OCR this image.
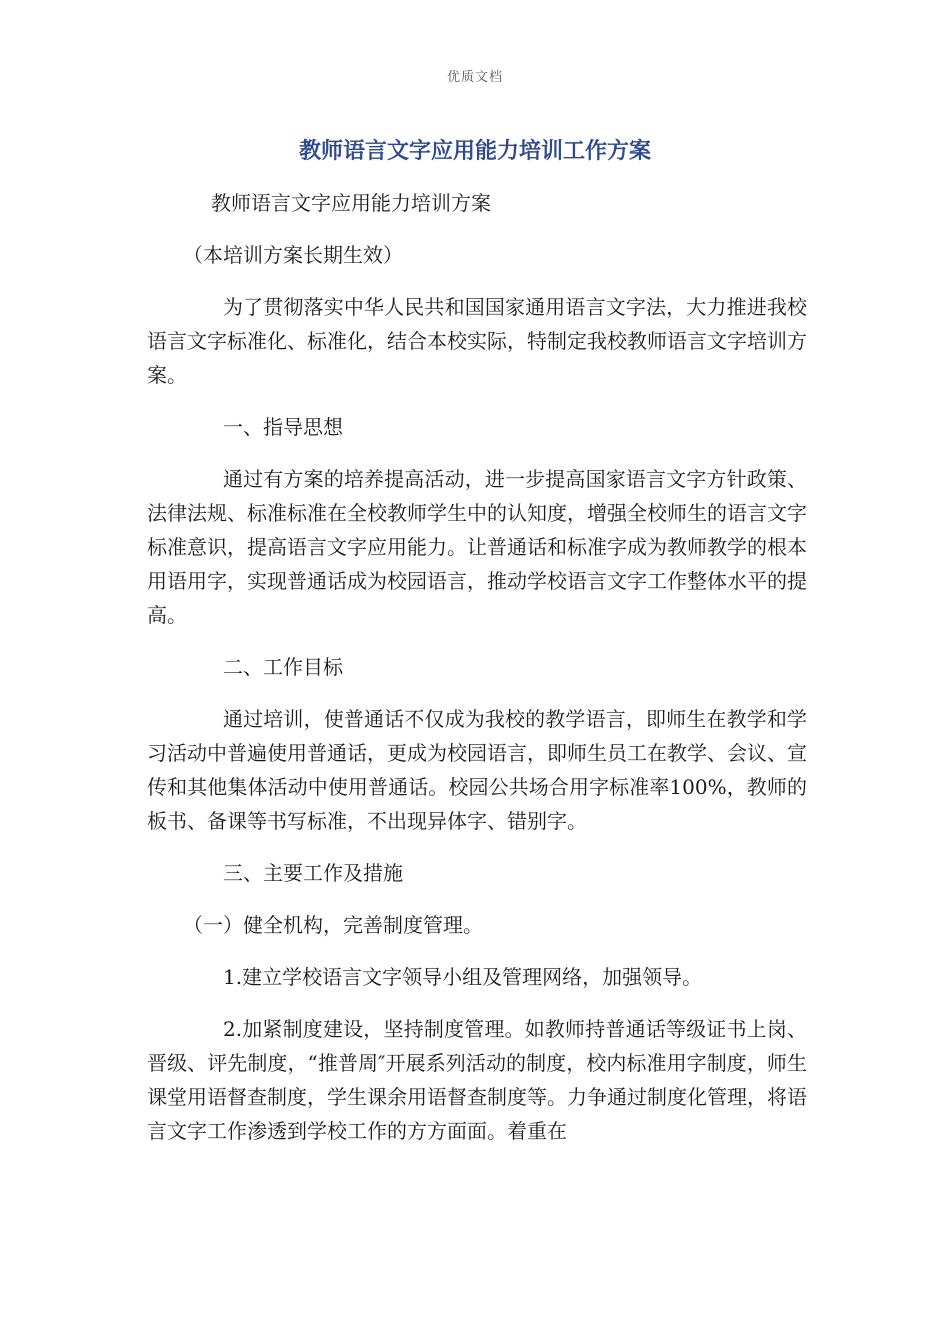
优质文档
教师语言文字应用能力培训工作方案

教师语言文字应用能力培训方案

（本培训方案长期生效）

为了贯彻落实中华人民共和国国家通用语言文字法，大力推进我校语言文字标准化、标准化，结合本校实际，特制定我校教师语言文字培训方案。

一、指导思想

通过有方案的培养提高活动，进一步提高国家语言文字方针政策、法律法规、标准标准在全校教师学生中的认知度，增强全校师生的语言文字标准意识，提高语言文字应用能力。让普通话和标准字成为教师教学的根本用语用字，实现普通话成为校园语言，推动学校语言文字工作整体水平的提高。

二、工作目标

通过培训，使普通话不仅成为我校的教学语言，即师生在教学和学习活动中普遍使用普通话，更成为校园语言，即师生员工在教学、会议、宣传和其他集体活动中使用普通话。校园公共场合用字标准率100%，教师的板书、备课等书写标准，不出现异体字、错别字。

三、主要工作及措施

（一）健全机构，完善制度管理。

1.建立学校语言文字领导小组及管理网络，加强领导。

2.加紧制度建设，坚持制度管理。如教师持普通话等级证书上岗、晋级、评先制度，“推普周″开展系列活动的制度，校内标准用字制度，师生课堂用语督查制度，学生课余用语督查制度等。力争通过制度化管理，将语言文字工作渗透到学校工作的方方面面。着重在
